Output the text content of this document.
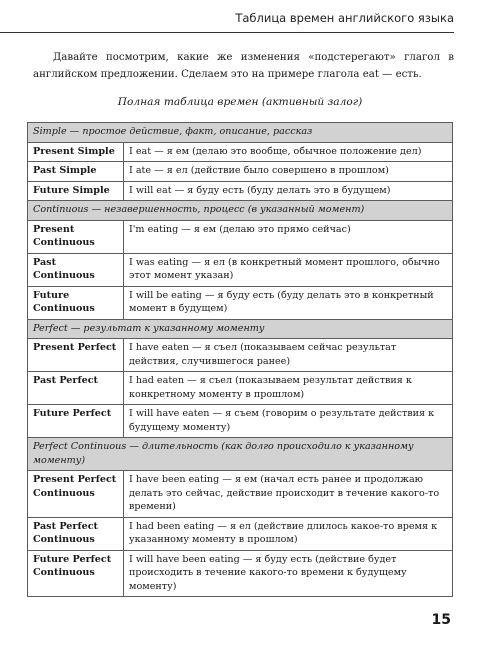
Таблица времен английского языка

Давайте посмотрим, какие же изменения «подстерегают» глагол в английском предложении. Сделаем это на примере глагола eat — есть.

Полная таблица времен (активный залог)

Simple — простое действие, факт, описание, рассказ	
Present Simple	I eat — я ем (делаю это вообще, обычное положение дел)
Past Simple	I ate — я ел (действие было совершено в прошлом)
Future Simple	I will eat — я буду есть (буду делать это в будущем)
Continuous — незавершенность, процесс (в указанный момент)	
Present Continuous	I'm eating — я ем (делаю это прямо сейчас)
Past Continuous	I was eating — я ел (в конкретный момент прошлого, обычно этот момент указан)
Future Continuous	I will be eating — я буду есть (буду делать это в конкретный момент в будущем)
Perfect — результат к указанному моменту	
Present Perfect	I have eaten — я съел (показываем сейчас результат действия, случившегося ранее)
Past Perfect	I had eaten — я съел (показываем результат действия к конкретному моменту в прошлом)
Future Perfect	I will have eaten — я съем (говорим о результате действия к будущему моменту)
Perfect Continuous — длительность (как долго происходило к указанному моменту)	
Present Perfect Continuous	I have been eating — я ем (начал есть ранее и продолжаю делать это сейчас, действие происходит в течение какого-то времени)
Past Perfect Continuous	I had been eating — я ел (действие длилось какое-то время к указанному моменту в прошлом)
Future Perfect Continuous	I will have been eating — я буду есть (действие будет происходить в течение какого-то времени к будущему моменту)
15
